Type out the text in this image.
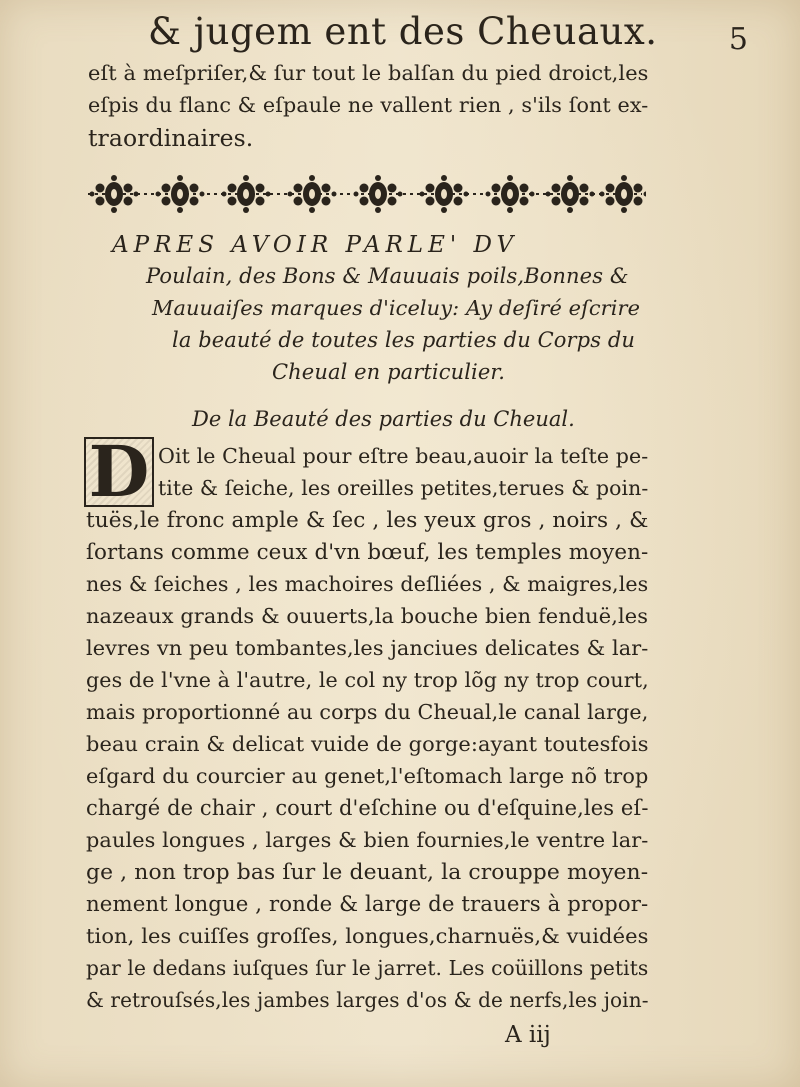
& jugem ent des Cheuaux. 5
eſt à meſpriſer,& ſur tout le balſan du pied droict,les
eſpis du flanc & eſpaule ne vallent rien , s'ils ſont ex-
traordinaires.
APRES AVOIR PARLE' DV
Poulain, des Bons & Mauuais poils,Bonnes &
Mauuaiſes marques d'iceluy: Ay deſiré eſcrire
la beauté de toutes les parties du Corps du
Cheual en particulier.
De la Beauté des parties du Cheual.
D Oit le Cheual pour eſtre beau,auoir la teſte pe-
tite & ſeiche, les oreilles petites,terues & poin-
tuës,le fronc ample & ſec , les yeux gros , noirs , &
ſortans comme ceux d'vn bœuf, les temples moyen-
nes & ſeiches , les machoires deſliées , & maigres,les
nazeaux grands & ouuerts,la bouche bien fenduë,les
levres vn peu tombantes,les janciues delicates & lar-
ges de l'vne à l'autre, le col ny trop lõg ny trop court,
mais proportionné au corps du Cheual,le canal large,
beau crain & delicat vuide de gorge:ayant toutesfois
eſgard du courcier au genet,l'eſtomach large nõ trop
chargé de chair , court d'eſchine ou d'eſquine,les eſ-
paules longues , larges & bien fournies,le ventre lar-
ge , non trop bas ſur le deuant, la crouppe moyen-
nement longue , ronde & large de trauers à propor-
tion, les cuiſſes groſſes, longues,charnuës,& vuidées
par le dedans iuſques ſur le jarret. Les coüillons petits
& retrouſsés,les jambes larges d'os & de nerfs,les join-
A iij
